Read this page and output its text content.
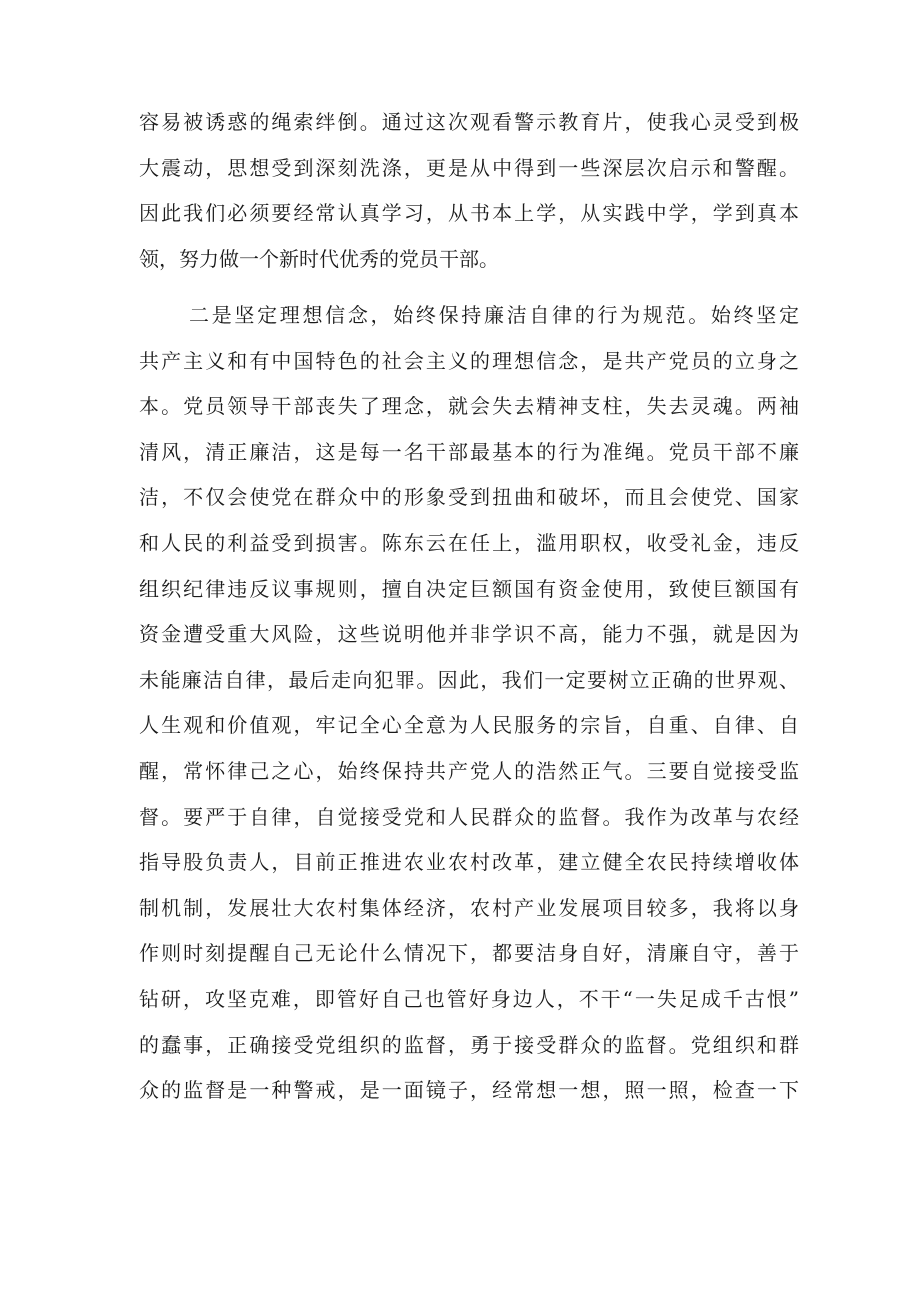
容易被诱惑的绳索绊倒。通过这次观看警示教育片，使我心灵受到极
大震动，思想受到深刻洗涤，更是从中得到一些深层次启示和警醒。
因此我们必须要经常认真学习，从书本上学，从实践中学，学到真本
领，努力做一个新时代优秀的党员干部。
二是坚定理想信念，始终保持廉洁自律的行为规范。始终坚定
共产主义和有中国特色的社会主义的理想信念，是共产党员的立身之
本。党员领导干部丧失了理念，就会失去精神支柱，失去灵魂。两袖
清风，清正廉洁，这是每一名干部最基本的行为准绳。党员干部不廉
洁，不仅会使党在群众中的形象受到扭曲和破坏，而且会使党、国家
和人民的利益受到损害。陈东云在任上，滥用职权，收受礼金，违反
组织纪律违反议事规则，擅自决定巨额国有资金使用，致使巨额国有
资金遭受重大风险，这些说明他并非学识不高，能力不强，就是因为
未能廉洁自律，最后走向犯罪。因此，我们一定要树立正确的世界观、
人生观和价值观，牢记全心全意为人民服务的宗旨，自重、自律、自
醒，常怀律己之心，始终保持共产党人的浩然正气。三要自觉接受监
督。要严于自律，自觉接受党和人民群众的监督。我作为改革与农经
指导股负责人，目前正推进农业农村改革，建立健全农民持续增收体
制机制，发展壮大农村集体经济，农村产业发展项目较多，我将以身
作则时刻提醒自己无论什么情况下，都要洁身自好，清廉自守，善于
钻研，攻坚克难，即管好自己也管好身边人，不干“一失足成千古恨”
的蠢事，正确接受党组织的监督，勇于接受群众的监督。党组织和群
众的监督是一种警戒，是一面镜子，经常想一想，照一照，检查一下
